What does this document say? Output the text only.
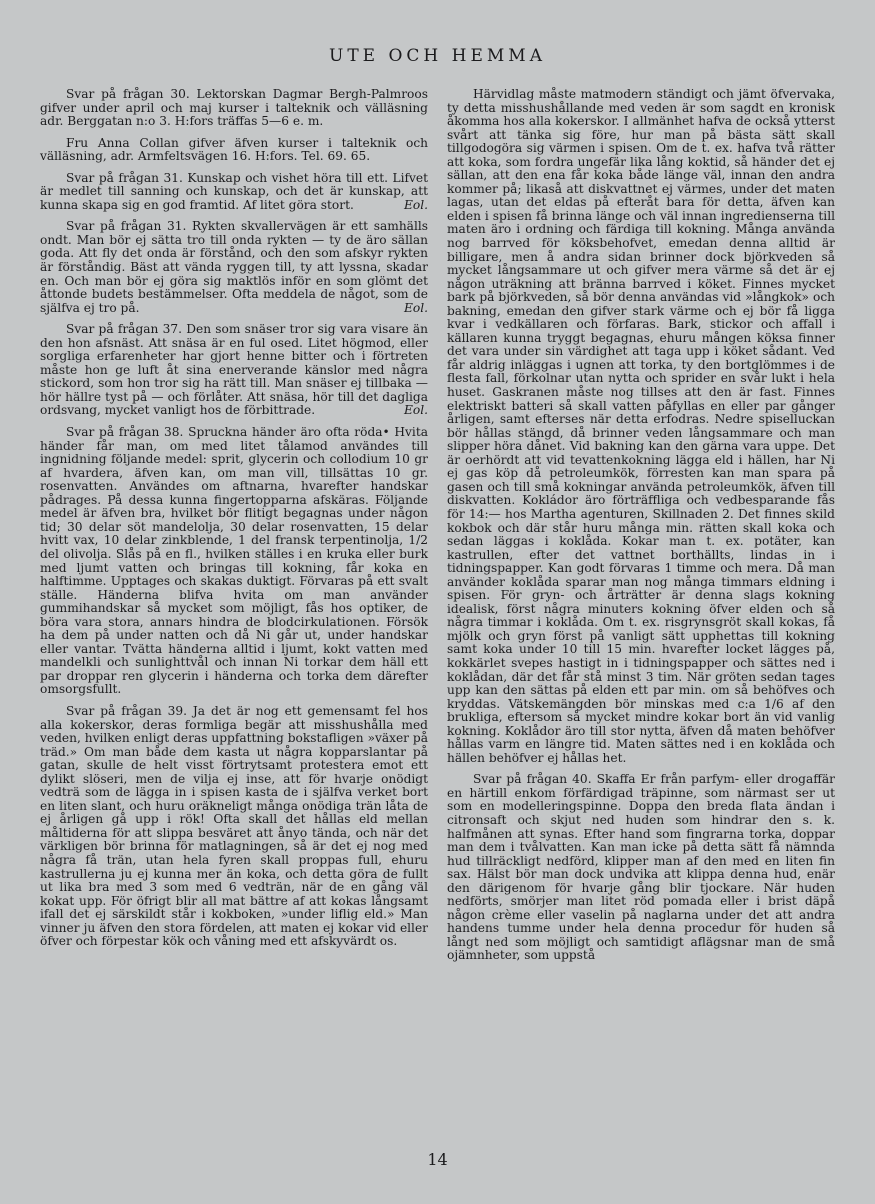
UTE OCH HEMMA

Svar på frågan 30. Lektorskan Dagmar Bergh-Palmroos gifver under april och maj kurser i talteknik och välläsning adr. Berggatan n:o 3. H:fors träffas 5—6 e. m.

Fru Anna Collan gifver äfven kurser i talteknik och välläsning, adr. Armfeltsvägen 16. H:fors. Tel. 69. 65.

Svar på frågan 31. Kunskap och vishet höra till ett. Lifvet är medlet till sanning och kunskap, och det är kunskap, att kunna skapa sig en god framtid. Af litet göra stort.	Eol.

Svar på frågan 31. Rykten skvallervägen är ett samhälls ondt. Man bör ej sätta tro till onda rykten — ty de äro sällan goda. Att fly det onda är förstånd, och den som afskyr rykten är förståndig. Bäst att vända ryggen till, ty att lyssna, skadar en. Och man bör ej göra sig maktlös inför en som glömt det åttonde budets bestämmelser. Ofta meddela de något, som de själfva ej tro på.	Eol.

Svar på frågan 37. Den som snäser tror sig vara visare än den hon afsnäst. Att snäsa är en ful osed. Litet högmod, eller sorgliga erfarenheter har gjort henne bitter och i förtreten måste hon ge luft åt sina enerverande känslor med några stickord, som hon tror sig ha rätt till. Man snäser ej tillbaka — hör hällre tyst på — och förlåter. Att snäsa, hör till det dagliga ordsvang, mycket vanligt hos de förbittrade.	Eol.

Svar på frågan 38. Spruckna händer äro ofta röda• Hvita händer får man, om med litet tålamod användes till ingnidning följande medel: sprit, glycerin och collodium 10 gr af hvardera, äfven kan, om man vill, tillsättas 10 gr. rosenvatten. Användes om aftnarna, hvarefter handskar pådrages. På dessa kunna fingertopparna afskäras. Följande medel är äfven bra, hvilket bör flitigt begagnas under någon tid; 30 delar söt mandelolja, 30 delar rosenvatten, 15 delar hvitt vax, 10 delar zinkblende, 1 del fransk terpentinolja, 1/2 del olivolja. Slås på en fl., hvilken ställes i en kruka eller burk med ljumt vatten och bringas till kokning, får koka en halftimme. Upptages och skakas duktigt. Förvaras på ett svalt ställe. Händerna blifva hvita om man använder gummihandskar så mycket som möjligt, fås hos optiker, de böra vara stora, annars hindra de blodcirkulationen. Försök ha dem på under natten och då Ni går ut, under handskar eller vantar. Tvätta händerna alltid i ljumt, kokt vatten med mandelkli och sunlighttvål och innan Ni torkar dem häll ett par droppar ren glycerin i händerna och torka dem därefter omsorgsfullt.

Svar på frågan 39. Ja det är nog ett gemensamt fel hos alla kokerskor, deras formliga begär att misshushålla med veden, hvilken enligt deras uppfattning bokstafligen »växer på träd.» Om man både dem kasta ut några kopparslantar på gatan, skulle de helt visst förtrytsamt protestera emot ett dylikt slöseri, men de vilja ej inse, att för hvarje onödigt vedträ som de lägga in i spisen kasta de i själfva verket bort en liten slant, och huru oräkneligt många onödiga trän låta de ej årligen gå upp i rök! Ofta skall det hållas eld mellan måltiderna för att slippa besväret att ånyo tända, och när det värkligen bör brinna för matlagningen, så är det ej nog med några få trän, utan hela fyren skall proppas full, ehuru kastrullerna ju ej kunna mer än koka, och detta göra de fullt ut lika bra med 3 som med 6 vedträn, när de en gång väl kokat upp. För öfrigt blir all mat bättre af att kokas långsamt ifall det ej särskildt står i kokboken, »under liflig eld.» Man vinner ju äfven den stora fördelen, att maten ej kokar vid eller öfver och förpestar kök och våning med ett afskyvärdt os.

Härvidlag måste matmodern ständigt och jämt öfvervaka, ty detta misshushållande med veden är som sagdt en kronisk åkomma hos alla kokerskor. I allmänhet hafva de också ytterst svårt att tänka sig före, hur man på bästa sätt skall tillgodogöra sig värmen i spisen. Om de t. ex. hafva två rätter att koka, som fordra ungefär lika lång koktid, så händer det ej sällan, att den ena får koka både länge väl, innan den andra kommer på; likaså att diskvattnet ej värmes, under det maten lagas, utan det eldas på efteråt bara för detta, äfven kan elden i spisen få brinna länge och väl innan ingredienserna till maten äro i ordning och färdiga till kokning. Många använda nog barrved för köksbehofvet, emedan denna alltid är billigare, men å andra sidan brinner dock björkveden så mycket långsammare ut och gifver mera värme så det är ej någon uträkning att bränna barrved i köket. Finnes mycket bark på björkveden, så bör denna användas vid »långkok» och bakning, emedan den gifver stark värme och ej bör få ligga kvar i vedkällaren och förfaras. Bark, stickor och affall i källaren kunna tryggt begagnas, ehuru mången köksa finner det vara under sin värdighet att taga upp i köket sådant. Ved får aldrig inläggas i ugnen att torka, ty den bortglömmes i de flesta fall, förkolnar utan nytta och sprider en svår lukt i hela huset. Gaskranen måste nog tillses att den är fast. Finnes elektriskt batteri så skall vatten påfyllas en eller par gånger årligen, samt efterses när detta erfodras. Nedre spiselluckan bör hållas stängd, då brinner veden långsammare och man slipper höra dånet. Vid bakning kan den gärna vara uppe. Det är oerhördt att vid tevattenkokning lägga eld i hällen, har Ni ej gas köp då petroleumkök, förresten kan man spara på gasen och till små kokningar använda petroleumkök, äfven till diskvatten. Kokládor äro förträffliga och vedbesparande fås för 14:— hos Martha agenturen, Skillnaden 2. Det finnes skild kokbok och där står huru många min. rätten skall koka och sedan läggas i koklåda. Kokar man t. ex. potäter, kan kastrullen, efter det vattnet borthällts, lindas in i tidningspapper. Kan godt förvaras 1 timme och mera. Då man använder koklåda sparar man nog många timmars eldning i spisen. För gryn- och årträtter är denna slags kokning idealisk, först några minuters kokning öfver elden och så några timmar i koklåda. Om t. ex. risgrynsgröt skall kokas, få mjölk och gryn först på vanligt sätt upphettas till kokning samt koka under 10 till 15 min. hvarefter locket lägges på, kokkärlet svepes hastigt in i tidningspapper och sättes ned i koklådan, där det får stå minst 3 tim. När gröten sedan tages upp kan den sättas på elden ett par min. om så behöfves och kryddas. Vätskemängden bör minskas med c:a 1/6 af den brukliga, eftersom så mycket mindre kokar bort än vid vanlig kokning. Koklådor äro till stor nytta, äfven då maten behöfver hållas varm en längre tid. Maten sättes ned i en koklåda och hällen behöfver ej hållas het.

Svar på frågan 40. Skaffa Er från parfym- eller drogaffär en härtill enkom förfärdigad träpinne, som närmast ser ut som en modelleringspinne. Doppa den breda flata ändan i citronsaft och skjut ned huden som hindrar den s. k. halfmånen att synas. Efter hand som fingrarna torka, doppar man dem i tvålvatten. Kan man icke på detta sätt få nämnda hud tillräckligt nedförd, klipper man af den med en liten fin sax. Hälst bör man dock undvika att klippa denna hud, enär den därigenom för hvarje gång blir tjockare. När huden nedförts, smörjer man litet röd pomada eller i brist däpå någon crème eller vaselin på naglarna under det att andra handens tumme under hela denna procedur för huden så långt ned som möjligt och samtidigt aflägsnar man de små ojämnheter, som uppstå

14
